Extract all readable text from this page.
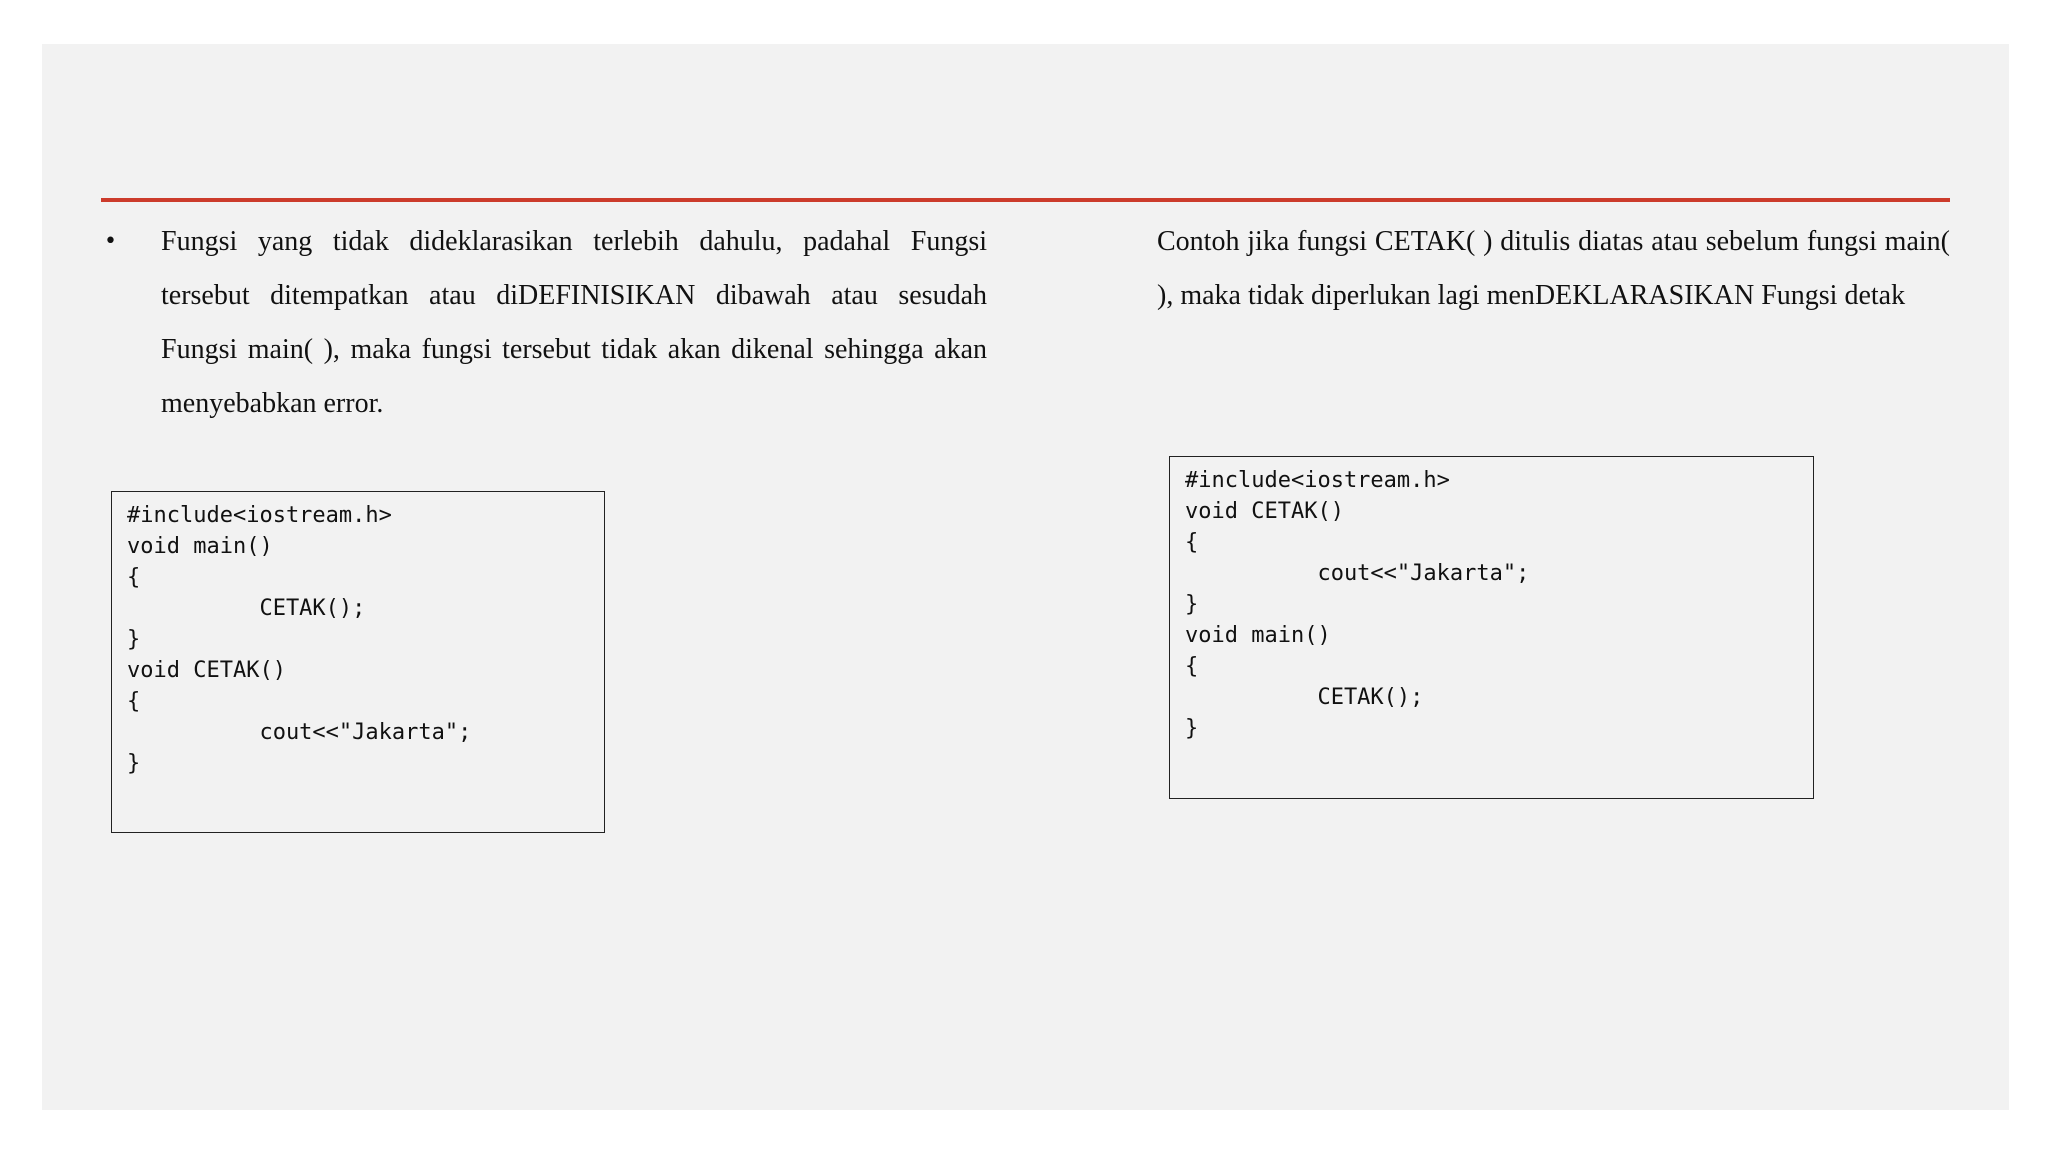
• Fungsi yang tidak dideklarasikan terlebih dahulu, padahal Fungsi tersebut ditempatkan atau diDEFINISIKAN dibawah atau sesudah Fungsi main( ), maka fungsi tersebut tidak akan dikenal sehingga akan menyebabkan error.

#include<iostream.h>
void main()
{
CETAK();
}
void CETAK()
{
cout<<"Jakarta";
}

Contoh jika fungsi CETAK( ) ditulis diatas atau sebelum fungsi main( ), maka tidak diperlukan lagi menDEKLARASIKAN Fungsi detak

#include<iostream.h>
void CETAK()
{
cout<<"Jakarta";
}
void main()
{
CETAK();
}
